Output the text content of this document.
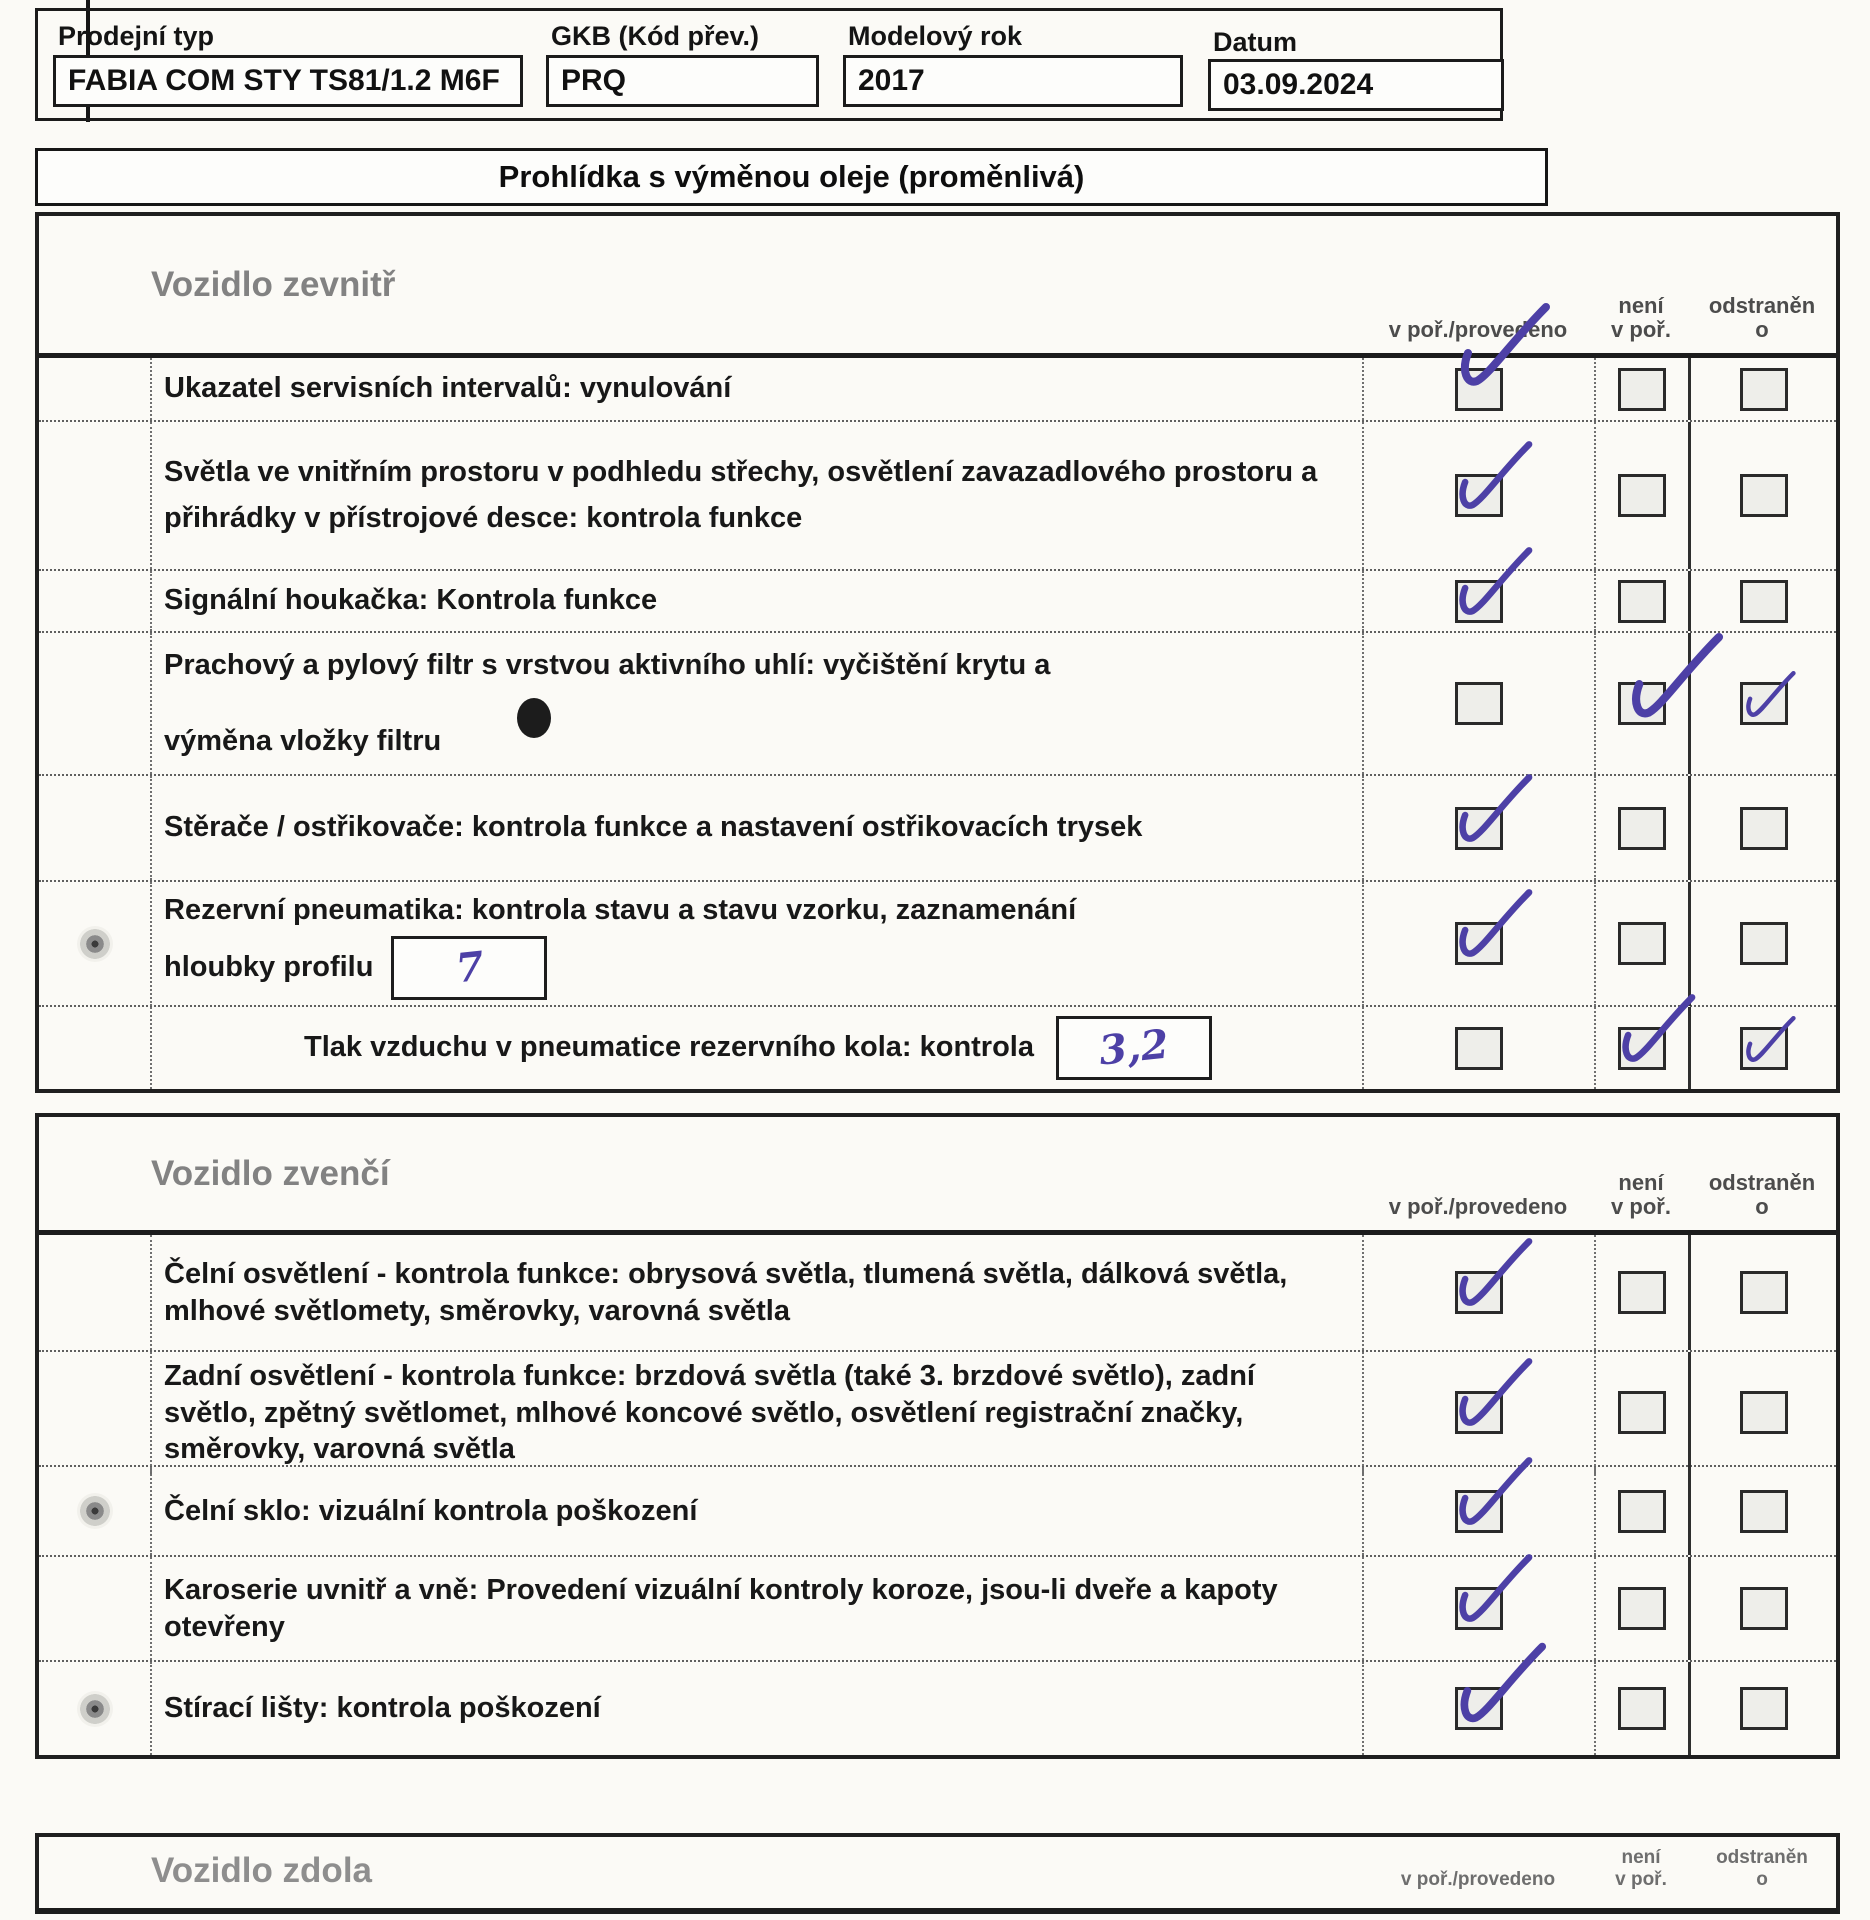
Prodejní typ
FABIA COM STY TS81/1.2 M6F
GKB (Kód přev.)
PRQ
Modelový rok
2017
Datum
03.09.2024
Prohlídka s výměnou oleje (proměnlivá)
Vozidlo zevnitř
v poř./provedeno
není
v poř.
odstraněn
o
Ukazatel servisních intervalů: vynulování
Světla ve vnitřním prostoru v podhledu střechy, osvětlení zavazadlového prostoru a přihrádky v přístrojové desce: kontrola funkce
Signální houkačka: Kontrola funkce
Prachový a pylový filtr s vrstvou aktivního uhlí: vyčištění krytu a
výměna vložky filtru
Stěrače / ostřikovače: kontrola funkce a nastavení ostřikovacích trysek
Rezervní pneumatika: kontrola stavu a stavu vzorku, zaznamenání
hloubky profilu 7
Tlak vzduchu v pneumatice rezervního kola: kontrola 3,2
Vozidlo zvenčí
v poř./provedeno
není
v poř.
odstraněn
o
Čelní osvětlení - kontrola funkce: obrysová světla, tlumená světla, dálková světla, mlhové světlomety, směrovky, varovná světla
Zadní osvětlení - kontrola funkce: brzdová světla (také 3. brzdové světlo), zadní světlo, zpětný světlomet, mlhové koncové světlo, osvětlení registrační značky, směrovky, varovná světla
Čelní sklo: vizuální kontrola poškození
Karoserie uvnitř a vně: Provedení vizuální kontroly koroze, jsou-li dveře a kapoty otevřeny
Stírací lišty: kontrola poškození
Vozidlo zdola	v poř./provedeno
není
v poř.
odstraněn
o
